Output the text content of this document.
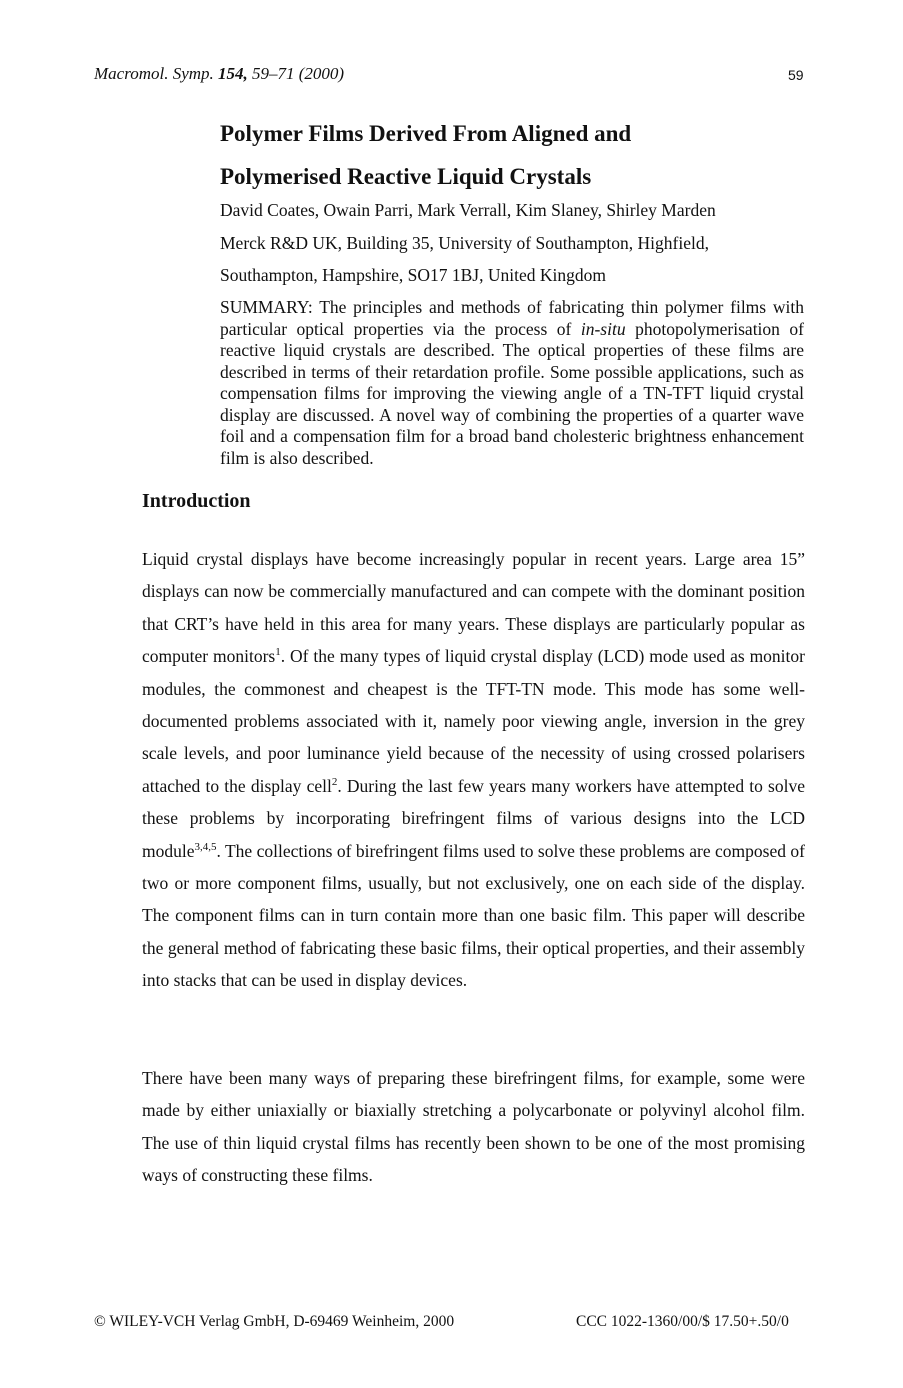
Macromol. Symp. 154, 59–71 (2000)	59
Polymer Films Derived From Aligned and
Polymerised Reactive Liquid Crystals
David Coates, Owain Parri, Mark Verrall, Kim Slaney, Shirley Marden
Merck R&D UK, Building 35, University of Southampton, Highfield,
Southampton, Hampshire, SO17 1BJ, United Kingdom
SUMMARY: The principles and methods of fabricating thin polymer films with particular optical properties via the process of in-situ photopolymerisation of reactive liquid crystals are described. The optical properties of these films are described in terms of their retardation profile. Some possible applications, such as compensation films for improving the viewing angle of a TN-TFT liquid crystal display are discussed. A novel way of combining the properties of a quarter wave foil and a compensation film for a broad band cholesteric brightness enhancement film is also described.
Introduction
Liquid crystal displays have become increasingly popular in recent years. Large area 15” displays can now be commercially manufactured and can compete with the dominant position that CRT’s have held in this area for many years. These displays are particularly popular as computer monitors$^1$. Of the many types of liquid crystal display (LCD) mode used as monitor modules, the commonest and cheapest is the TFT-TN mode. This mode has some well-documented problems associated with it, namely poor viewing angle, inversion in the grey scale levels, and poor luminance yield because of the necessity of using crossed polarisers attached to the display cell$^2$. During the last few years many workers have attempted to solve these problems by incorporating birefringent films of various designs into the LCD module$^{3,4,5}$. The collections of birefringent films used to solve these problems are composed of two or more component films, usually, but not exclusively, one on each side of the display. The component films can in turn contain more than one basic film. This paper will describe the general method of fabricating these basic films, their optical properties, and their assembly into stacks that can be used in display devices.
There have been many ways of preparing these birefringent films, for example, some were made by either uniaxially or biaxially stretching a polycarbonate or polyvinyl alcohol film. The use of thin liquid crystal films has recently been shown to be one of the most promising ways of constructing these films.
© WILEY-VCH Verlag GmbH, D-69469 Weinheim, 2000	CCC 1022-1360/00/$ 17.50+.50/0
